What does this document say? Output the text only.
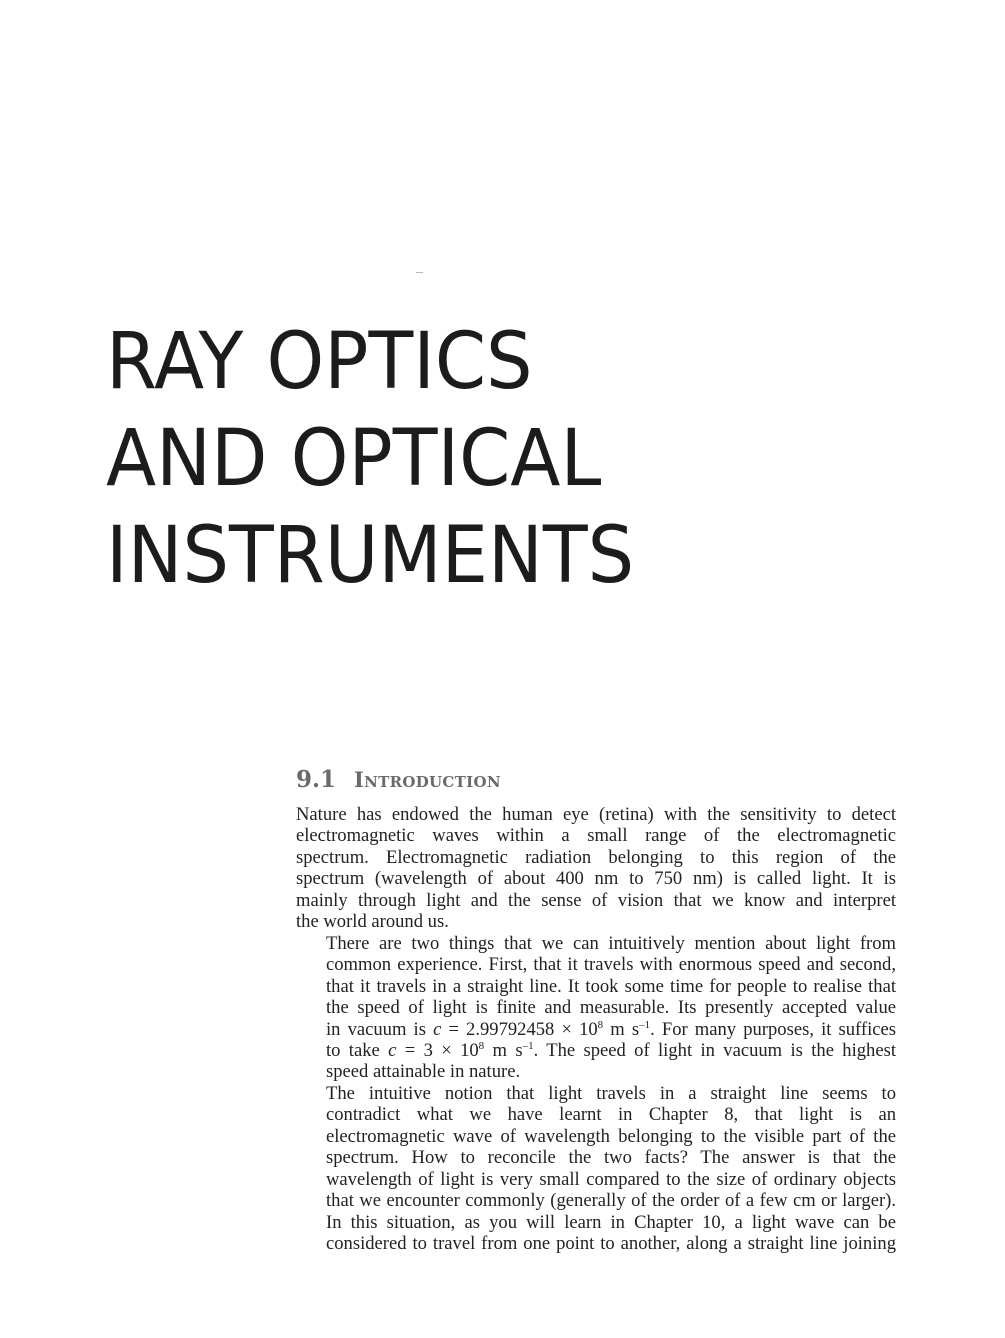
RAY OPTICS
AND OPTICAL
INSTRUMENTS
9.1 Introduction
Nature has endowed the human eye (retina) with the sensitivity to detect
electromagnetic waves within a small range of the electromagnetic
spectrum. Electromagnetic radiation belonging to this region of the
spectrum (wavelength of about 400 nm to 750 nm) is called light. It is
mainly through light and the sense of vision that we know and interpret
the world around us.
There are two things that we can intuitively mention about light from
common experience. First, that it travels with enormous speed and second,
that it travels in a straight line. It took some time for people to realise that
the speed of light is finite and measurable. Its presently accepted value
in vacuum is $c = 2.99792458 \times 10^8$ m $s^{-1}$. For many purposes, it suffices
to take $c = 3 \times 10^8$ m $s^{-1}$. The speed of light in vacuum is the highest
speed attainable in nature.
The intuitive notion that light travels in a straight line seems to
contradict what we have learnt in Chapter 8, that light is an
electromagnetic wave of wavelength belonging to the visible part of the
spectrum. How to reconcile the two facts? The answer is that the
wavelength of light is very small compared to the size of ordinary objects
that we encounter commonly (generally of the order of a few cm or larger).
In this situation, as you will learn in Chapter 10, a light wave can be
considered to travel from one point to another, along a straight line joining
